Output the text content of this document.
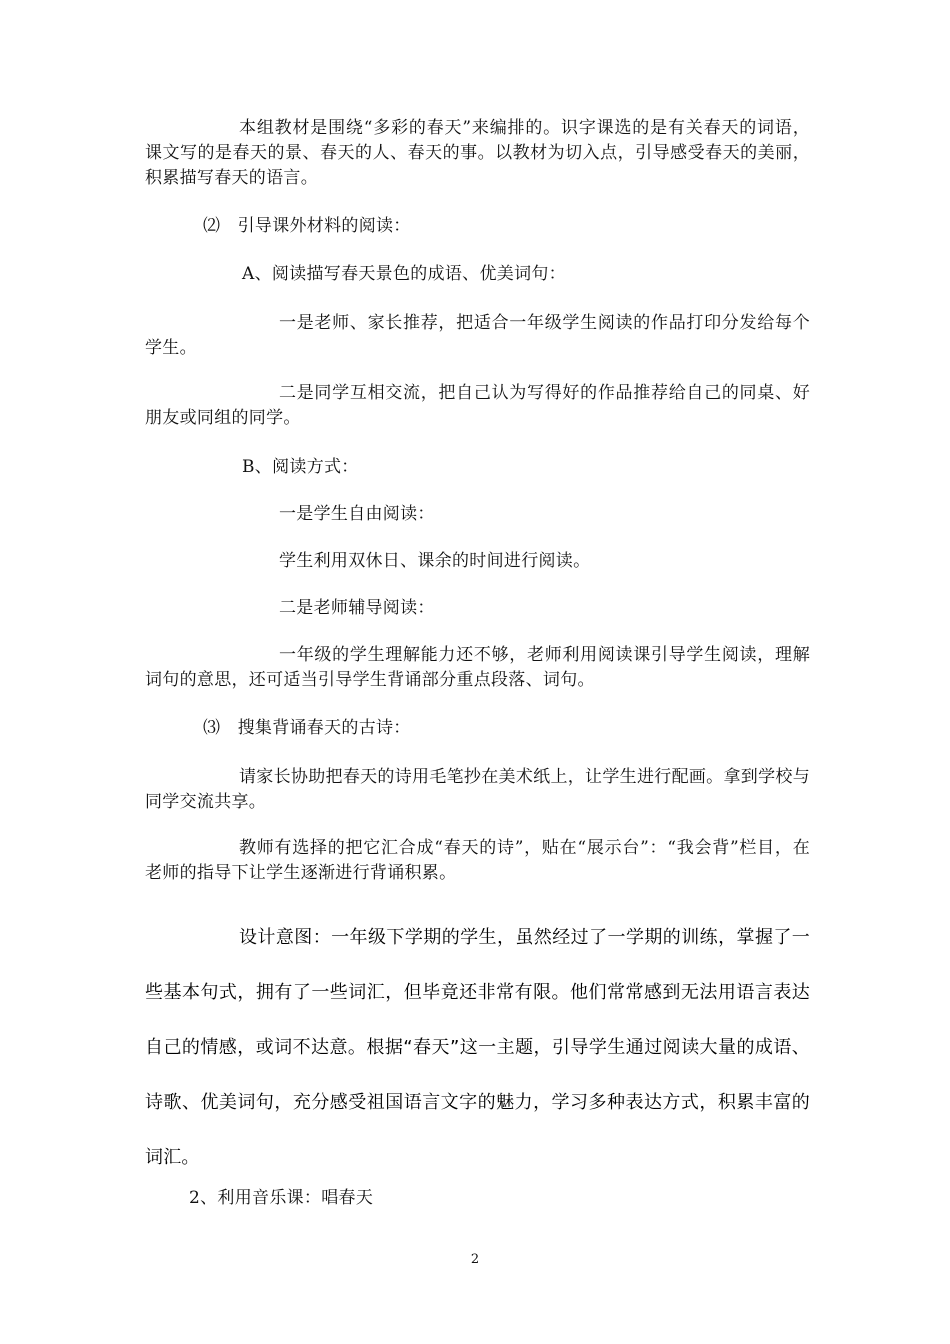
本组教材是围绕“多彩的春天”来编排的。识字课选的是有关春天的词语，课文写的是春天的景、春天的人、春天的事。以教材为切入点，引导感受春天的美丽，积累描写春天的语言。

⑵　引导课外材料的阅读：

A、阅读描写春天景色的成语、优美词句：

一是老师、家长推荐，把适合一年级学生阅读的作品打印分发给每个学生。

二是同学互相交流，把自己认为写得好的作品推荐给自己的同桌、好朋友或同组的同学。

B、阅读方式：

一是学生自由阅读：

学生利用双休日、课余的时间进行阅读。

二是老师辅导阅读：

一年级的学生理解能力还不够，老师利用阅读课引导学生阅读，理解词句的意思，还可适当引导学生背诵部分重点段落、词句。

⑶　搜集背诵春天的古诗：

请家长协助把春天的诗用毛笔抄在美术纸上，让学生进行配画。拿到学校与同学交流共享。

教师有选择的把它汇合成“春天的诗”，贴在“展示台”：“我会背”栏目，在老师的指导下让学生逐渐进行背诵积累。

设计意图：一年级下学期的学生，虽然经过了一学期的训练，掌握了一些基本句式，拥有了一些词汇，但毕竟还非常有限。他们常常感到无法用语言表达自己的情感，或词不达意。根据“春天”这一主题，引导学生通过阅读大量的成语、诗歌、优美词句，充分感受祖国语言文字的魅力，学习多种表达方式，积累丰富的词汇。

2、利用音乐课：唱春天

2
